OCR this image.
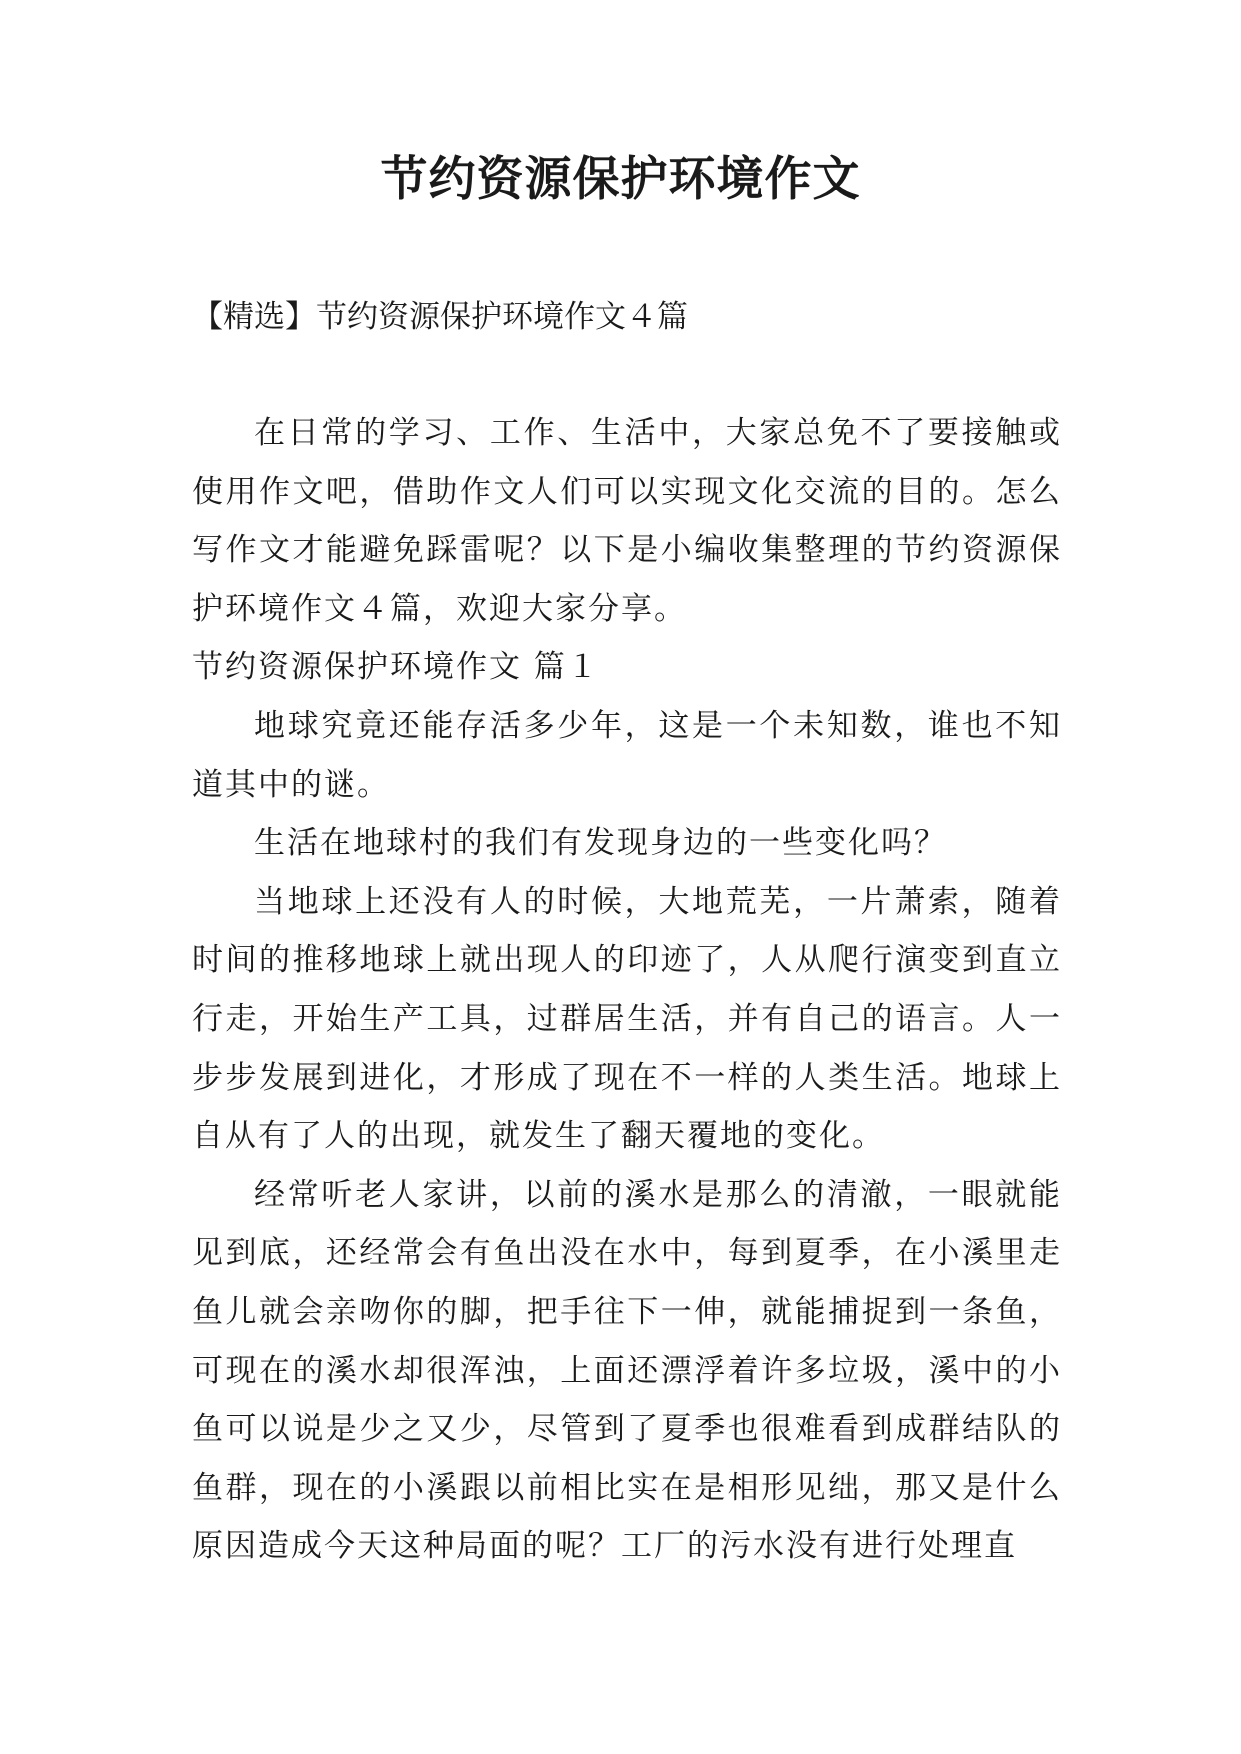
节约资源保护环境作文
【精选】节约资源保护环境作文４篇

在日常的学习、工作、生活中，大家总免不了要接触或使用作文吧，借助作文人们可以实现文化交流的目的。怎么写作文才能避免踩雷呢？以下是小编收集整理的节约资源保护环境作文４篇，欢迎大家分享。

节约资源保护环境作文 篇１

地球究竟还能存活多少年，这是一个未知数，谁也不知道其中的谜。

生活在地球村的我们有发现身边的一些变化吗？

当地球上还没有人的时候，大地荒芜，一片萧索，随着时间的推移地球上就出现人的印迹了，人从爬行演变到直立行走，开始生产工具，过群居生活，并有自己的语言。人一步步发展到进化，才形成了现在不一样的人类生活。地球上自从有了人的出现，就发生了翻天覆地的变化。

经常听老人家讲，以前的溪水是那么的清澈，一眼就能见到底，还经常会有鱼出没在水中，每到夏季，在小溪里走鱼儿就会亲吻你的脚，把手往下一伸，就能捕捉到一条鱼，可现在的溪水却很浑浊，上面还漂浮着许多垃圾，溪中的小鱼可以说是少之又少，尽管到了夏季也很难看到成群结队的鱼群，现在的小溪跟以前相比实在是相形见绌，那又是什么原因造成今天这种局面的呢？工厂的污水没有进行处理直
